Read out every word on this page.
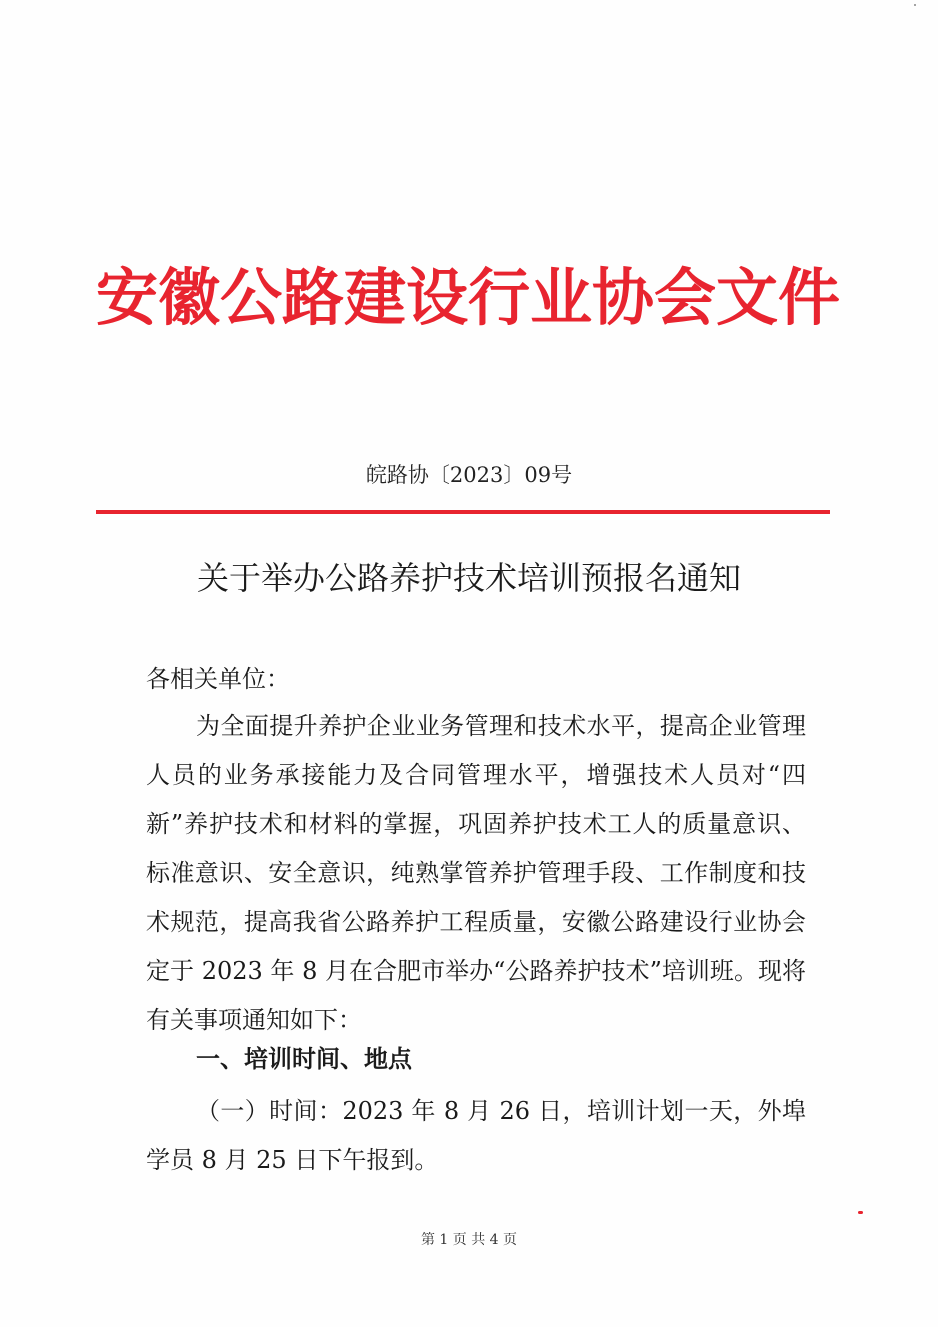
安徽公路建设行业协会文件
皖路协〔2023〕09号
关于举办公路养护技术培训预报名通知
各相关单位：
为全面提升养护企业业务管理和技术水平，提高企业管理人员的业务承接能力及合同管理水平，增强技术人员对“四新”养护技术和材料的掌握，巩固养护技术工人的质量意识、标准意识、安全意识，纯熟掌管养护管理手段、工作制度和技术规范，提高我省公路养护工程质量，安徽公路建设行业协会定于 2023 年 8 月在合肥市举办“公路养护技术”培训班。现将有关事项通知如下：
一、培训时间、地点
（一）时间：2023 年 8 月 26 日，培训计划一天，外埠学员 8 月 25 日下午报到。
第 1 页 共 4 页
